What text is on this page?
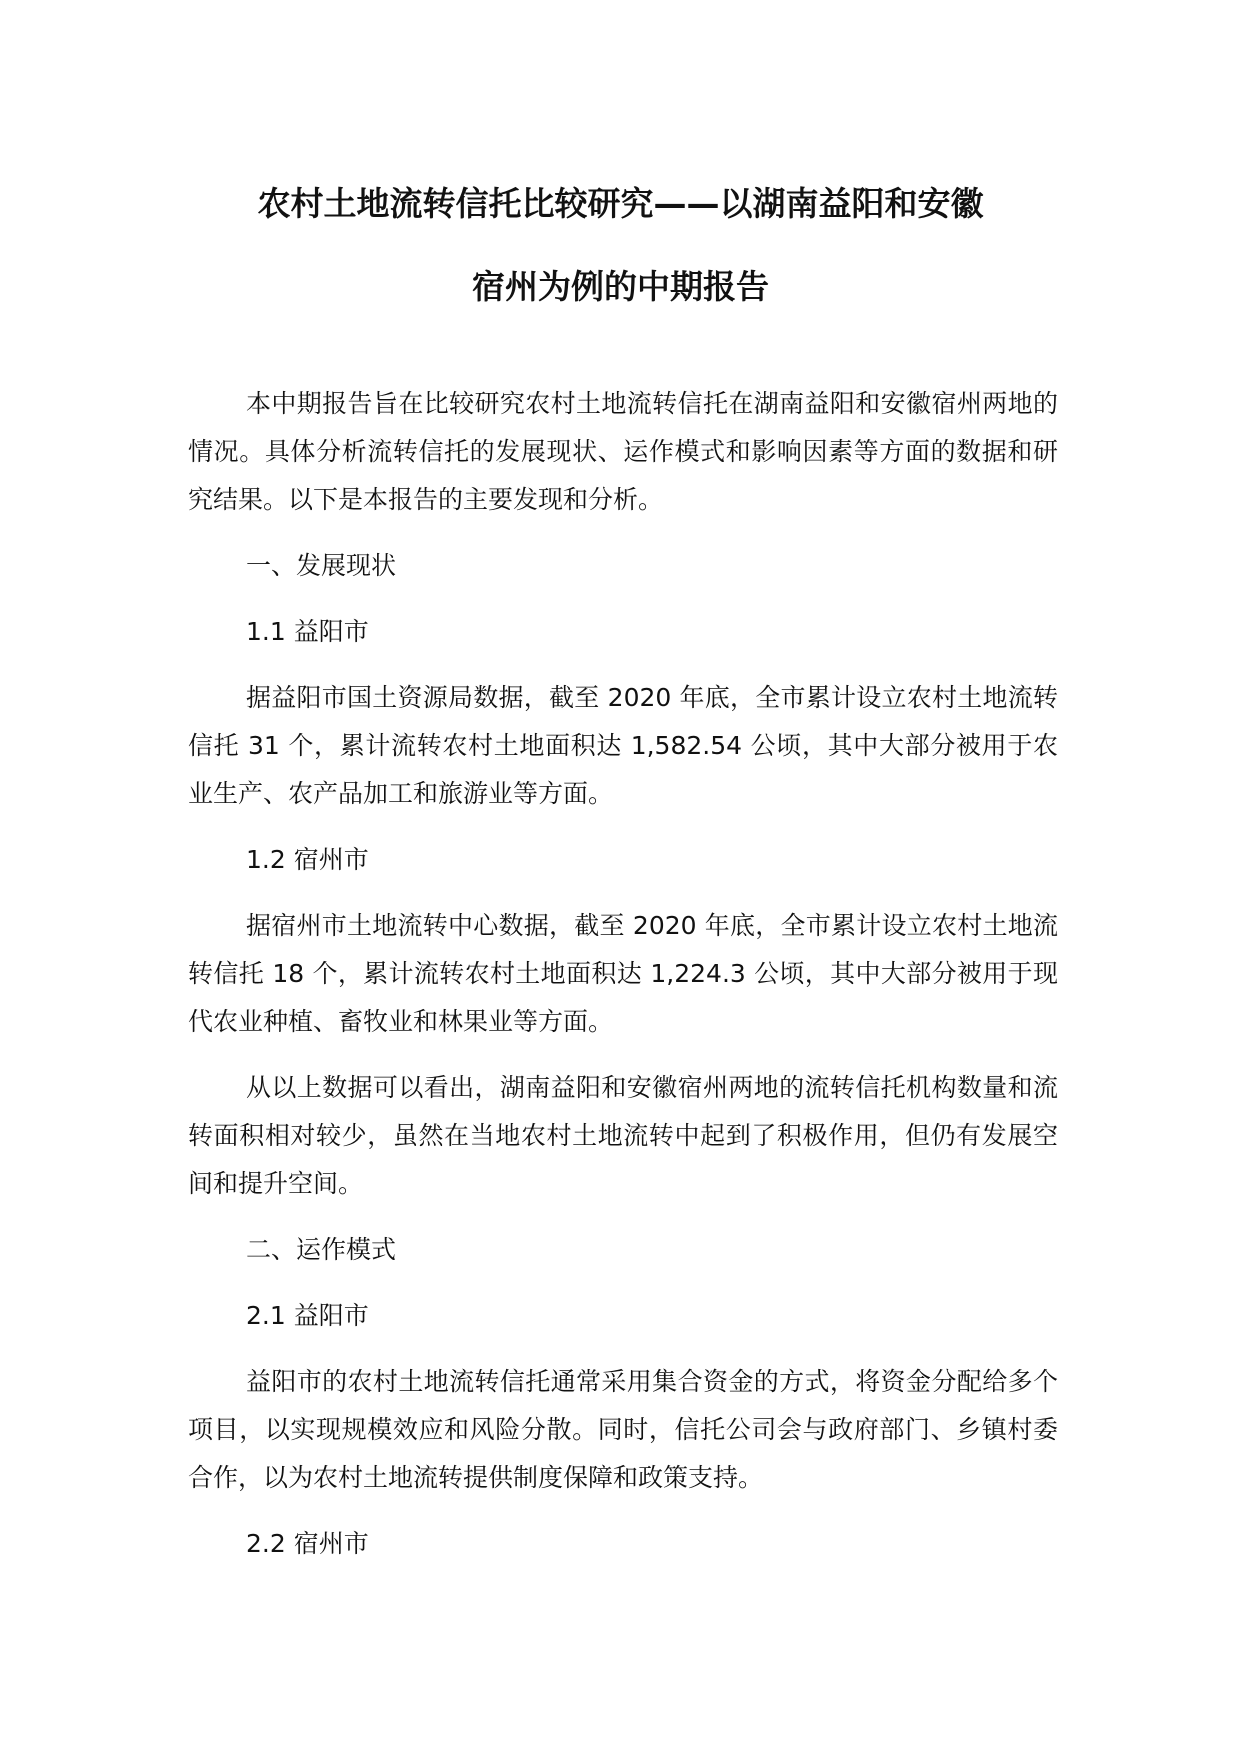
农村土地流转信托比较研究——以湖南益阳和安徽
宿州为例的中期报告

本中期报告旨在比较研究农村土地流转信托在湖南益阳和安徽宿州两地的情况。具体分析流转信托的发展现状、运作模式和影响因素等方面的数据和研究结果。以下是本报告的主要发现和分析。

一、发展现状

1.1 益阳市

据益阳市国土资源局数据，截至 2020 年底，全市累计设立农村土地流转信托 31 个，累计流转农村土地面积达 1,582.54 公顷，其中大部分被用于农业生产、农产品加工和旅游业等方面。

1.2 宿州市

据宿州市土地流转中心数据，截至 2020 年底，全市累计设立农村土地流转信托 18 个，累计流转农村土地面积达 1,224.3 公顷，其中大部分被用于现代农业种植、畜牧业和林果业等方面。

从以上数据可以看出，湖南益阳和安徽宿州两地的流转信托机构数量和流转面积相对较少，虽然在当地农村土地流转中起到了积极作用，但仍有发展空间和提升空间。

二、运作模式

2.1 益阳市

益阳市的农村土地流转信托通常采用集合资金的方式，将资金分配给多个项目，以实现规模效应和风险分散。同时，信托公司会与政府部门、乡镇村委合作，以为农村土地流转提供制度保障和政策支持。

2.2 宿州市
